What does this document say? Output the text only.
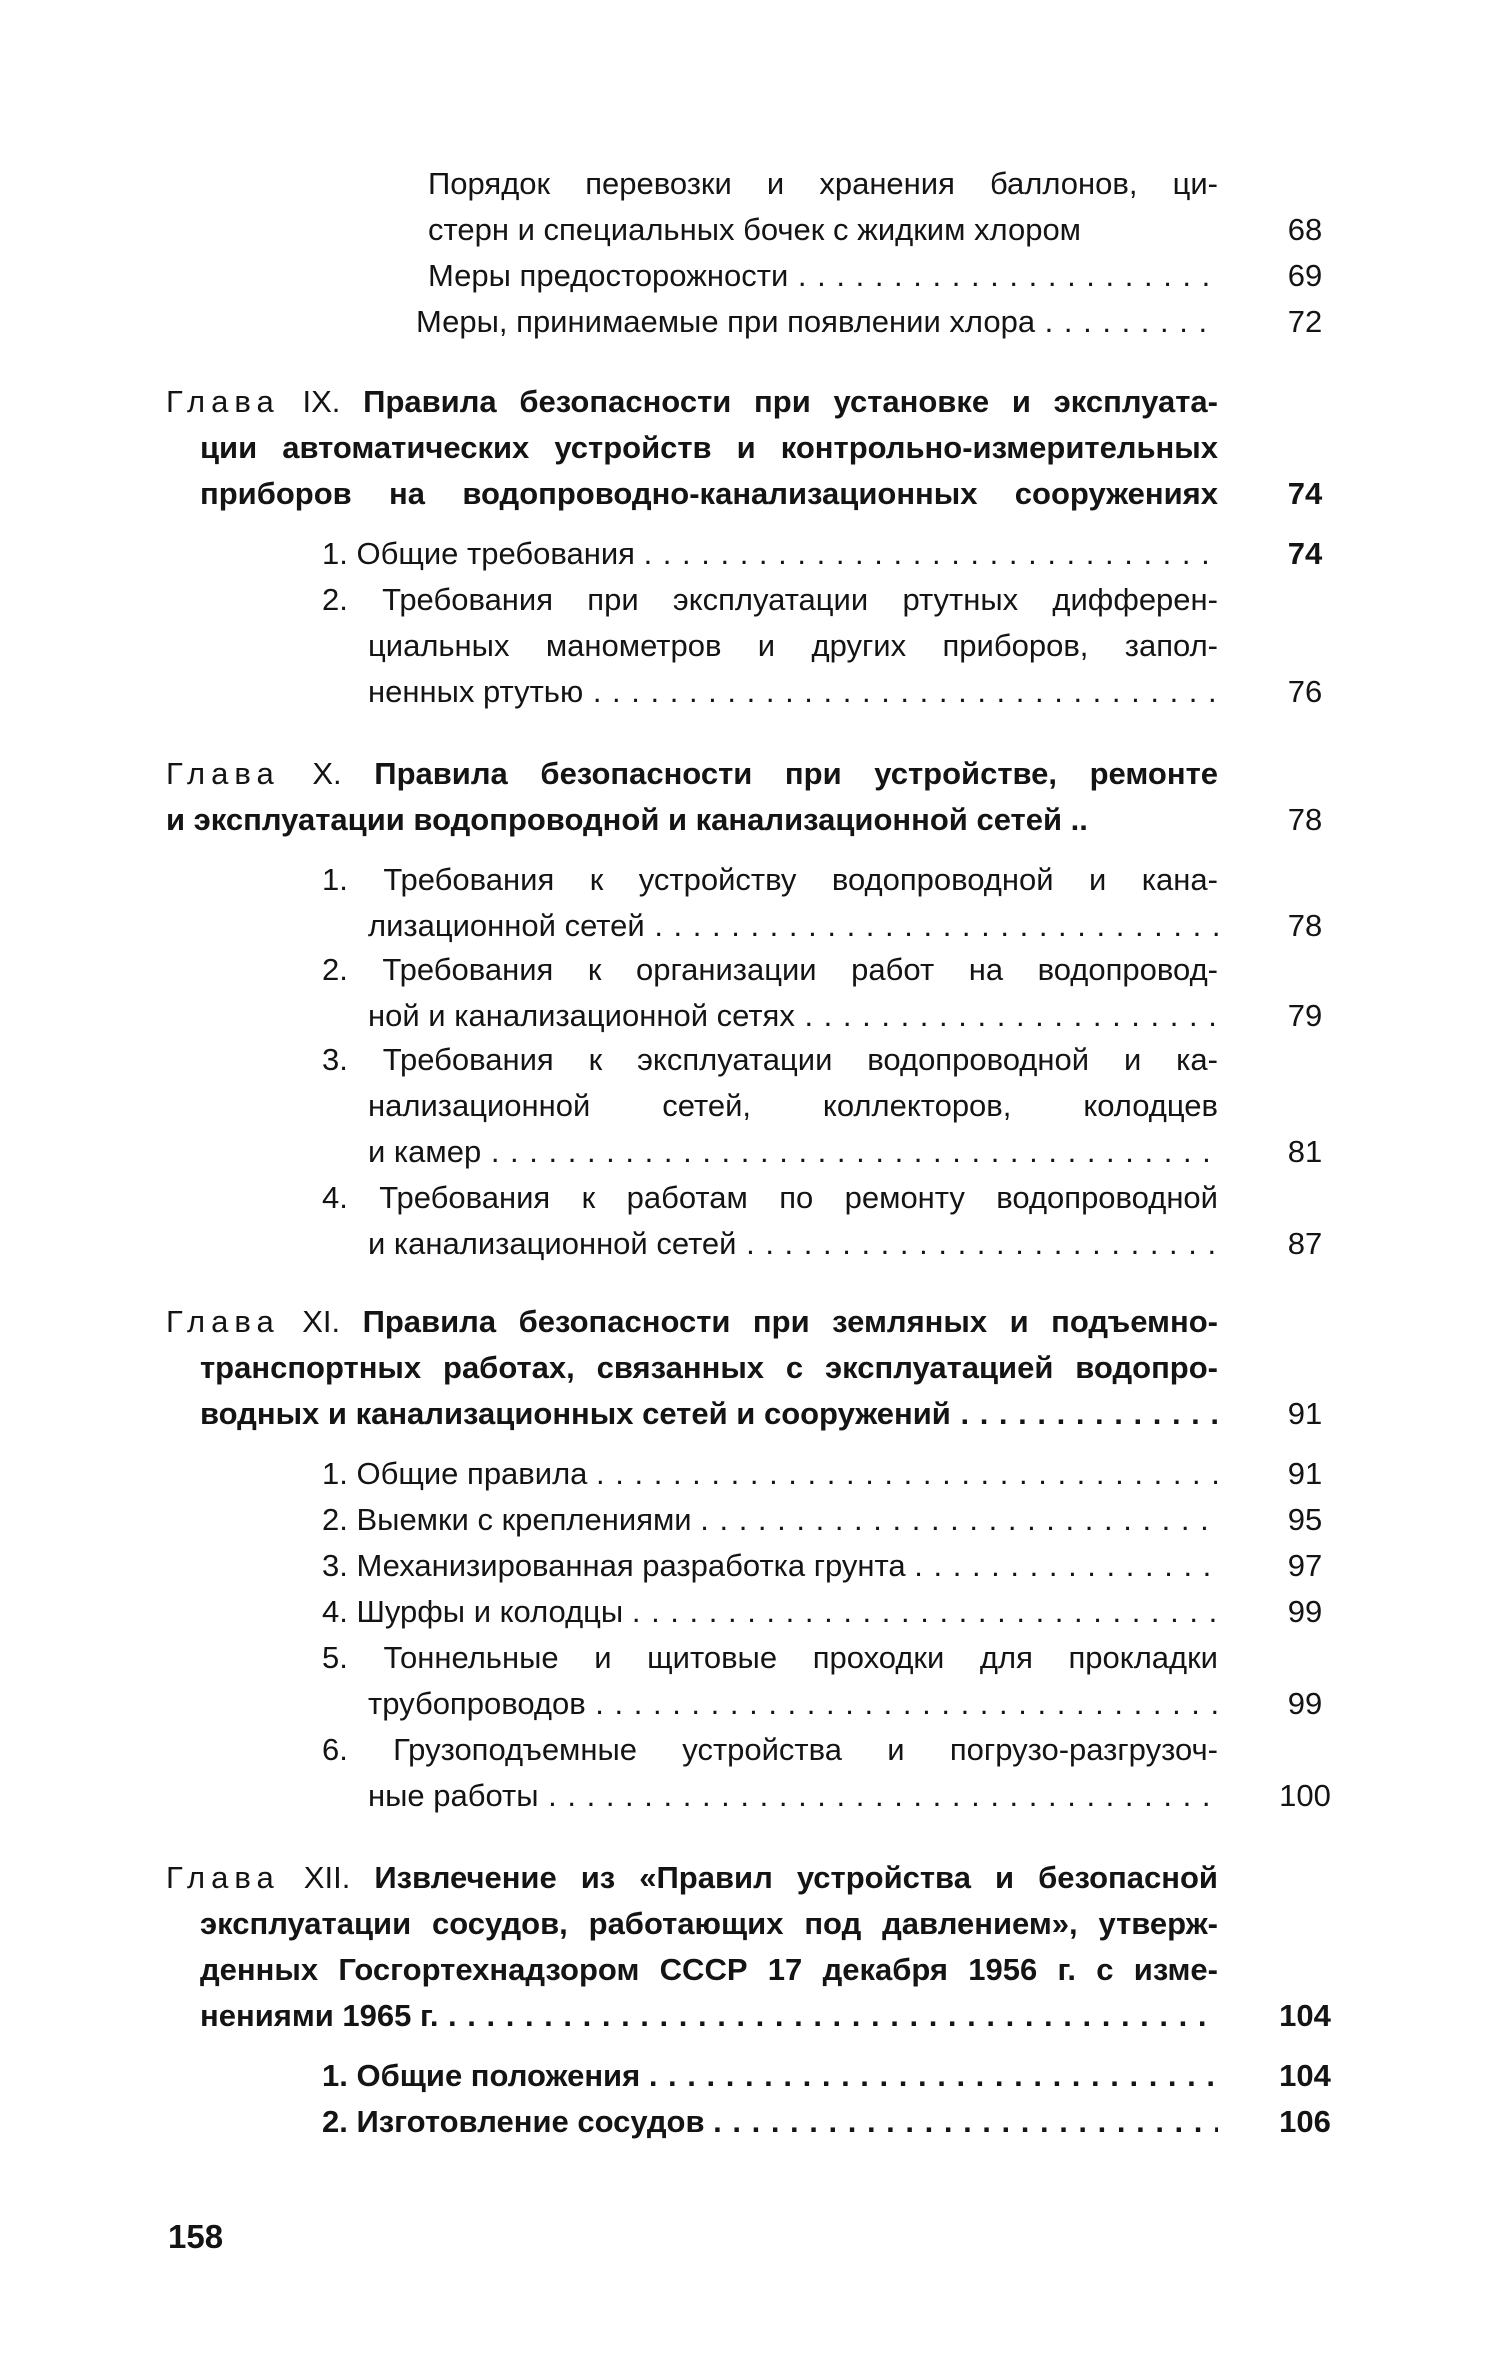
Порядок перевозки и хранения баллонов, ци-
стерн и специальных бочек с жидким хлором	68
Меры предосторожности . . .	69
Меры, принимаемые при появлении хлора . . .	72
Глава IX. Правила безопасности при установке и эксплуата-
ции автоматических устройств и контрольно-измерительных
приборов на водопроводно-канализационных сооружениях	74
1. Общие требования . . .	74
2. Требования при эксплуатации ртутных дифферен-
циальных манометров и других приборов, запол-
ненных ртутью . . .	76
Глава X. Правила безопасности при устройстве, ремонте
и эксплуатации водопроводной и канализационной сетей ..	78
1. Требования к устройству водопроводной и кана-
лизационной сетей . . .	78
2. Требования к организации работ на водопровод-
ной и канализационной сетях . . .	79
3. Требования к эксплуатации водопроводной и ка-
нализационной сетей, коллекторов, колодцев
и камер . . .	81
4. Требования к работам по ремонту водопроводной
и канализационной сетей . . .	87
Глава XI. Правила безопасности при земляных и подъемно-
транспортных работах, связанных с эксплуатацией водопро-
водных и канализационных сетей и сооружений . . .	91
1. Общие правила . . .	91
2. Выемки с креплениями . . .	95
3. Механизированная разработка грунта . . .	97
4. Шурфы и колодцы . . .	99
5. Тоннельные и щитовые проходки для прокладки
трубопроводов . . .	99
6. Грузоподъемные устройства и погрузо-разгрузоч-
ные работы . . .	100
Глава XII. Извлечение из «Правил устройства и безопасной
эксплуатации сосудов, работающих под давлением», утверж-
денных Госгортехнадзором СССР 17 декабря 1956 г. с изме-
нениями 1965 г. . . .	104
1. Общие положения . . .	104
2. Изготовление сосудов . . .	106
158
